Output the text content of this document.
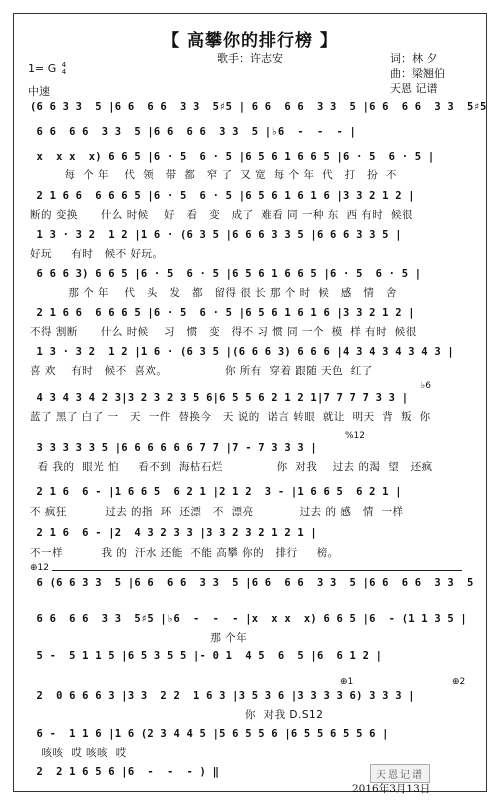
【 高攀你的排行榜 】
歌手：许志安
1= G 4
4
中速
词：林 夕
曲：梁翘伯
天恩 记谱
(6 6 3 3  5 |6 6  6 6  3 3  5♯5 | 6 6  6 6  3 3  5 |6 6  6 6  3 3  5♯5
6 6  6 6  3 3  5 |6 6  6 6  3 3  5 |♭6  -  -  - |
x  x x  x) 6 6 5 |6 · 5  6 · 5 |6 5 6 1 6 6 5 |6 · 5  6 · 5 |
每  个 年    代  领   带  都   窄 了  又 宽  每 个 年  代   打   扮  不
2 1 6 6  6 6 6 5 |6 · 5  6 · 5 |6 5 6 1 6 1 6 |3 3 2 1 2 |
断的 变换      什么 时候    好   看   变   成了  难看 同 一种 东  西 有时  候很
1 3 · 3 2  1 2 |1 6 · (6 3 5 |6 6 6 3 3 5 |6 6 6 3 3 5 |
好玩     有时   候不 好玩。
6 6 6 3) 6 6 5 |6 · 5  6 · 5 |6 5 6 1 6 6 5 |6 · 5  6 · 5 |
那 个 年    代   头   发   都   留得 很 长 那 个 时  候   感   情   舍
2 1 6 6  6 6 6 5 |6 · 5  6 · 5 |6 5 6 1 6 1 6 |3 3 2 1 2 |
不得 割断      什么 时候    习   惯   变   得不 习 惯 同 一个  模  样 有时  候很
1 3 · 3 2  1 2 |1 6 · (6 3 5 |(6 6 6 3) 6 6 6 |4 3 4 3 4 3 4 3 |
喜 欢    有时   候不  喜欢。               你 所有  穿着 跟随 天色  红了
♭6
4 3 4 3 4 2 3|3 2 3 2 3 5 6|6 5 5 6 2 1 2 1|7 7 7 7 3 3 |
蓝了 黑了 白了 一   天  一件  替换今   天 说的  诺言 转眼  就让  明天  背  叛  你
%12
3 3 3 3 3 5 |6 6 6 6 6 6 7 7 |7 - 7 3 3 3 |
看 我的  眼光 怕     看不到  海枯石烂              你  对我    过去 的渴  望   还疯
2 1 6  6 - |1 6 6 5  6 2 1 |2 1 2  3 - |1 6 6 5  6 2 1 |
不 疯狂          过去 的指  环  还漂   不  漂亮            过去 的 感   情  一样
2 1 6  6 - |2  4 3 2 3 3 |3 3 2 3 2 1 2 1 |
不一样          我 的  汗水 还能  不能 高攀 你的   排行     榜。
⊕12
6 (6 6 3 3  5 |6 6  6 6  3 3  5 |6 6  6 6  3 3  5 |6 6  6 6  3 3  5
6 6  6 6  3 3  5♯5 |♭6  -  -  - |x  x x  x) 6 6 5 |6  - (1 1 3 5 |
那 个年
5 -  5 1 1 5 |6 5 3 5 5 |- 0 1  4 5  6  5 |6  6 1 2 |
⊕1	⊕2
2  0 6 6 6 3 |3 3  2 2  1 6 3 |3 5 3 6 |3 3 3 3 6) 3 3 3 |
你  对我 D.S12
6 -  1 1 6 |1 6 (2 3 4 4 5 |5 6 5 5 6 |6 5 5 6 5 5 6 |
咳咳  哎 咳咳  哎
2  2 1 6 5 6 |6  -  -  - ) ‖	天恩记谱
2016年3月13日
